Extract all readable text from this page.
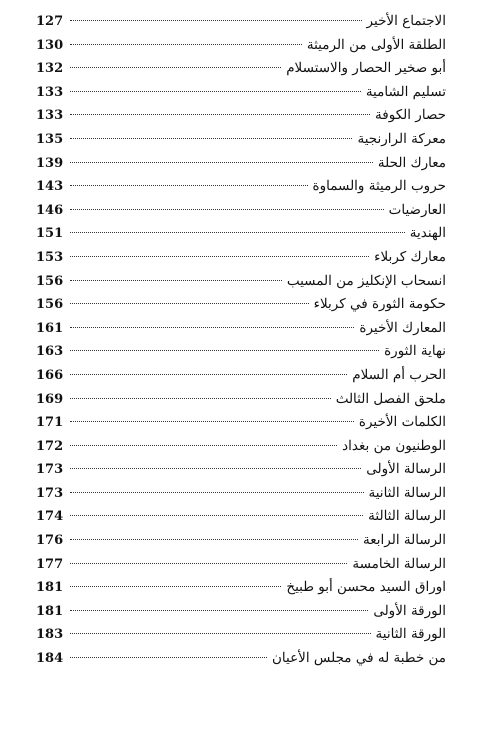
الاجتماع الأخير
127
الطلقة الأولى من الرميثة
130
أبو صخير الحصار والاستسلام
132
تسليم الشامية
133
حصار الكوفة
133
معركة الرارنجية
135
معارك الحلة
139
حروب الرميثة والسماوة
143
العارضيات
146
الهندية
151
معارك كربلاء
153
انسحاب الإنكليز من المسيب
156
حكومة الثورة في كربلاء
156
المعارك الأخيرة
161
نهاية الثورة
163
الحرب أم السلام
166
ملحق الفصل الثالث
169
الكلمات الأخيرة
171
الوطنيون من بغداد
172
الرسالة الأولى
173
الرسالة الثانية
173
الرسالة الثالثة
174
الرسالة الرابعة
176
الرسالة الخامسة
177
اوراق السيد محسن أبو طبيخ
181
الورقة الأولى
181
الورقة الثانية
183
من خطبة له في مجلس الأعيان
184
